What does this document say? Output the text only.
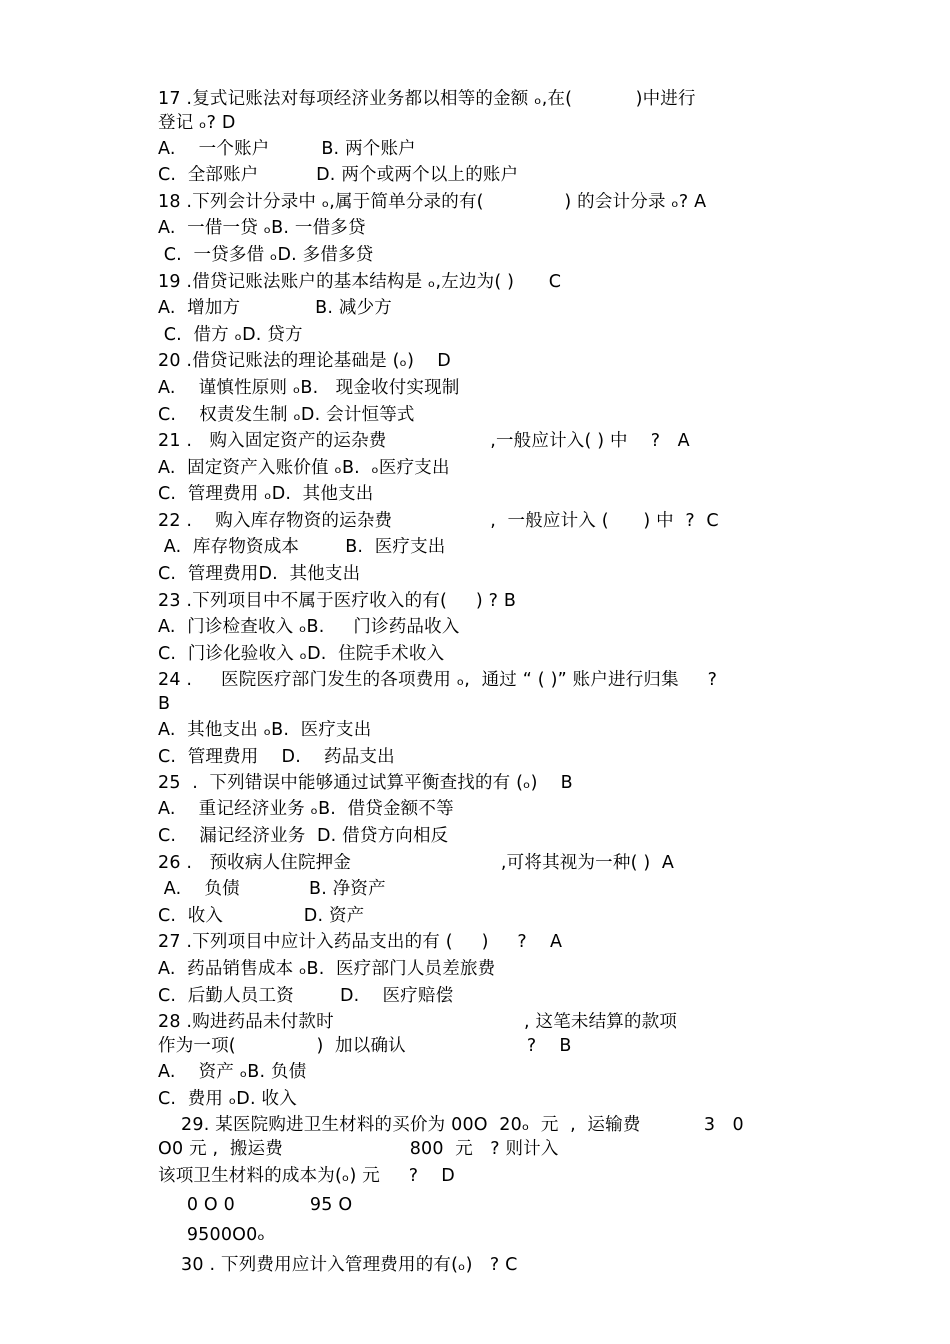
17 .复式记账法对每项经济业务都以相等的金额 ₒ,在(           )中进行
登记 ₒ? D
A.    一个账户         B. 两个账户
C.  全部账户          D. 两个或两个以上的账户
18 .下列会计分录中 ₒ,属于简单分录的有(              ) 的会计分录 ₒ? A
A.  一借一贷 ₒB. 一借多贷
C.  一贷多借 ₒD. 多借多贷
19 .借贷记账法账户的基本结构是 ₒ,左边为( )      C
A.  增加方             B. 减少方
C.  借方 ₒD. 贷方
20 .借贷记账法的理论基础是 (ₒ)    D
A.    谨慎性原则 ₒB.   现金收付实现制
C.    权责发生制 ₒD. 会计恒等式
21 .   购入固定资产的运杂费                  ,一般应计入( ) 中    ?   A
A.  固定资产入账价值 ₒB.  ₒ医疗支出
C.  管理费用 ₒD.  其他支出
22 .    购入库存物资的运杂费                 ,  一般应计入 (      ) 中  ?  C
A.  库存物资成本        B.  医疗支出
C.  管理费用D.  其他支出
23 .下列项目中不属于医疗收入的有(     ) ? B
A.  门诊检查收入 ₒB.     门诊药品收入
C.  门诊化验收入 ₒD.  住院手术收入
24 .     医院医疗部门发生的各项费用 ₒ,  通过 “ ( )” 账户进行归集     ?
B
A.  其他支出 ₒB.  医疗支出
C.  管理费用    D.    药品支出
25  .  下列错误中能够通过试算平衡查找的有 (ₒ)    B
A.    重记经济业务 ₒB.  借贷金额不等
C.    漏记经济业务  D. 借贷方向相反
26 .   预收病人住院押金                          ,可将其视为一种( )  A
A.    负债            B. 净资产
C.  收入              D. 资产
27 .下列项目中应计入药品支出的有 (     )     ?    A
A.  药品销售成本 ₒB.  医疗部门人员差旅费
C.  后勤人员工资        D.    医疗赔偿
28 .购进药品未付款时                                 , 这笔未结算的款项
作为一项(              )  加以确认                     ?    B
A.    资产 ₒB. 负债
C.  费用 ₒD. 收入
29. 某医院购进卫生材料的买价为 00O  20ₒ  元  ,  运输费           3   0
O0 元 ,  搬运费                      800  元   ? 则计入
该项卫生材料的成本为(ₒ) 元     ?    D
0 O 0             95 O
9500O0ₒ
30 . 下列费用应计入管理费用的有(ₒ)   ? C
